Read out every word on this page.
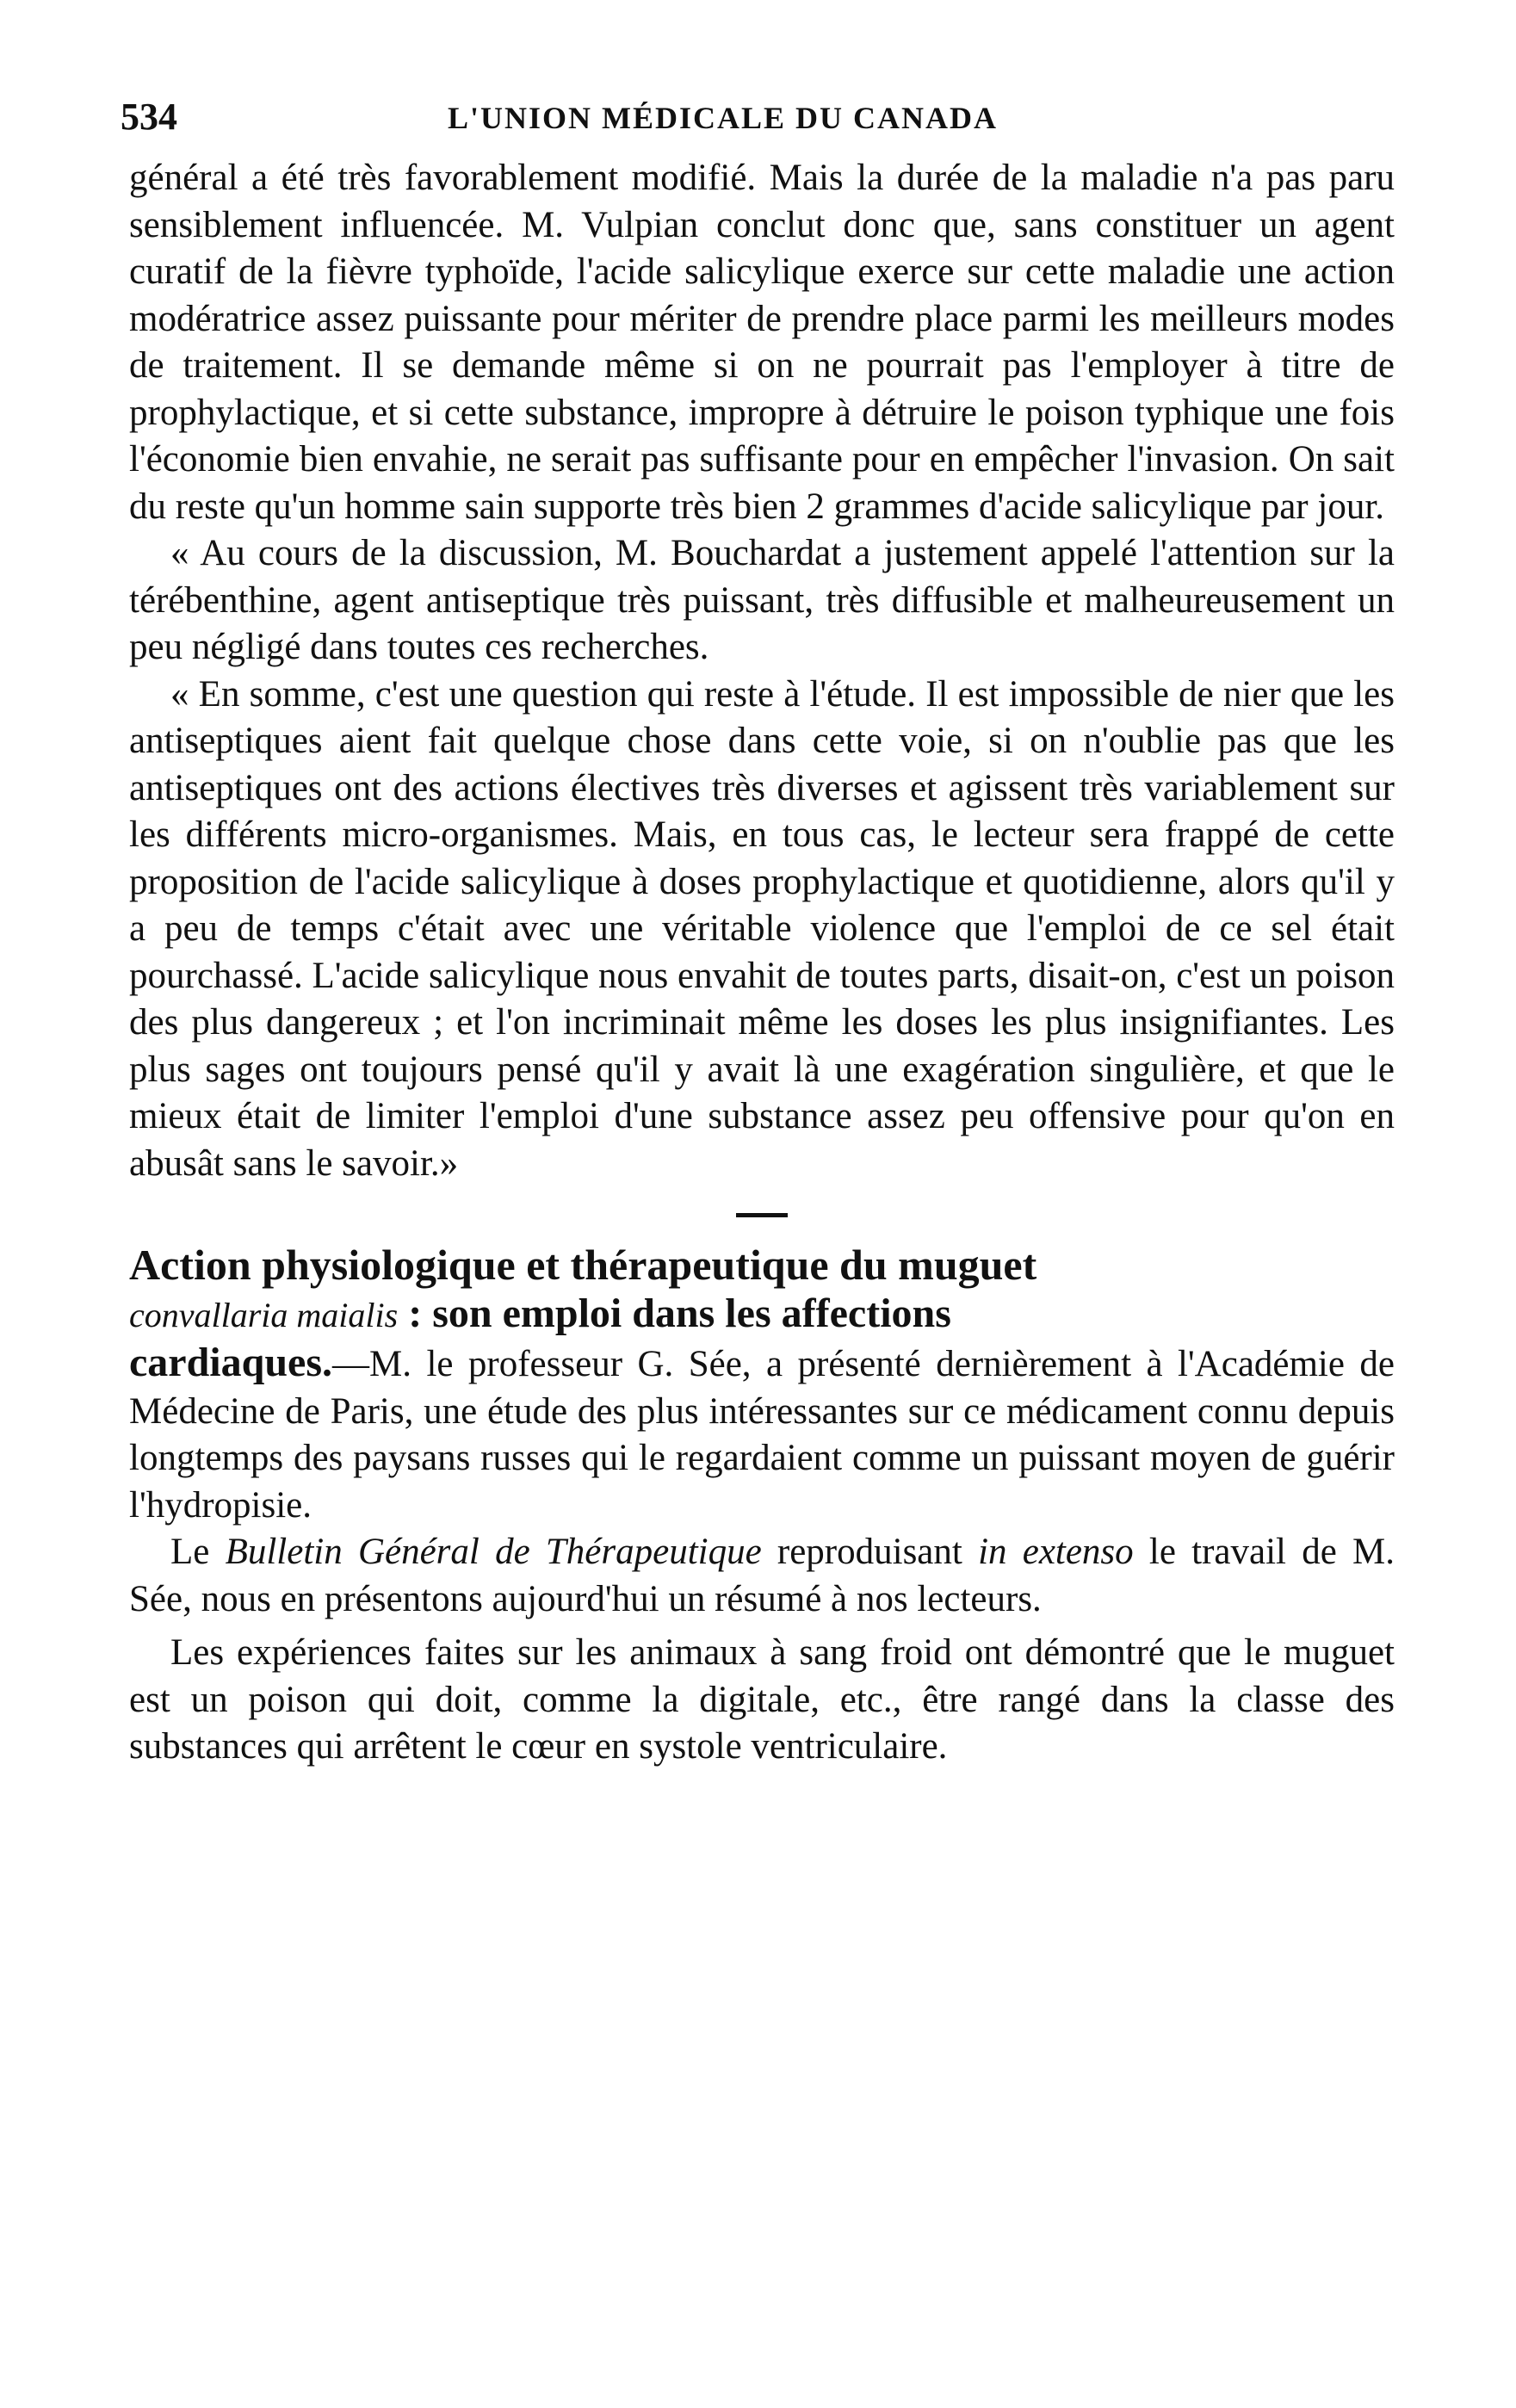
534	L'UNION MÉDICALE DU CANADA

général a été très favorablement modifié. Mais la durée de la maladie n'a pas paru sensiblement influencée. M. Vulpian conclut donc que, sans constituer un agent curatif de la fièvre typhoïde, l'acide salicylique exerce sur cette maladie une action modératrice assez puissante pour mériter de prendre place parmi les meilleurs modes de traitement. Il se demande même si on ne pourrait pas l'employer à titre de prophylactique, et si cette substance, impropre à détruire le poison typhique une fois l'économie bien envahie, ne serait pas suffisante pour en empêcher l'invasion. On sait du reste qu'un homme sain supporte très bien 2 grammes d'acide salicylique par jour.

« Au cours de la discussion, M. Bouchardat a justement appelé l'attention sur la térébenthine, agent antiseptique très puissant, très diffusible et malheureusement un peu négligé dans toutes ces recherches.

« En somme, c'est une question qui reste à l'étude. Il est impossible de nier que les antiseptiques aient fait quelque chose dans cette voie, si on n'oublie pas que les antiseptiques ont des actions électives très diverses et agissent très variablement sur les différents micro-organismes. Mais, en tous cas, le lecteur sera frappé de cette proposition de l'acide salicylique à doses prophylactique et quotidienne, alors qu'il y a peu de temps c'était avec une véritable violence que l'emploi de ce sel était pourchassé. L'acide salicylique nous envahit de toutes parts, disait-on, c'est un poison des plus dangereux ; et l'on incriminait même les doses les plus insignifiantes. Les plus sages ont toujours pensé qu'il y avait là une exagération singulière, et que le mieux était de limiter l'emploi d'une substance assez peu offensive pour qu'on en abusât sans le savoir.»

Action physiologique et thérapeutique du muguet

convallaria maialis : son emploi dans les affections

cardiaques.—M. le professeur G. Sée, a présenté dernièrement à l'Académie de Médecine de Paris, une étude des plus intéressantes sur ce médicament connu depuis longtemps des paysans russes qui le regardaient comme un puissant moyen de guérir l'hydropisie.

Le Bulletin Général de Thérapeutique reproduisant in extenso le travail de M. Sée, nous en présentons aujourd'hui un résumé à nos lecteurs.

Les expériences faites sur les animaux à sang froid ont démontré que le muguet est un poison qui doit, comme la digitale, etc., être rangé dans la classe des substances qui arrêtent le cœur en systole ventriculaire.
